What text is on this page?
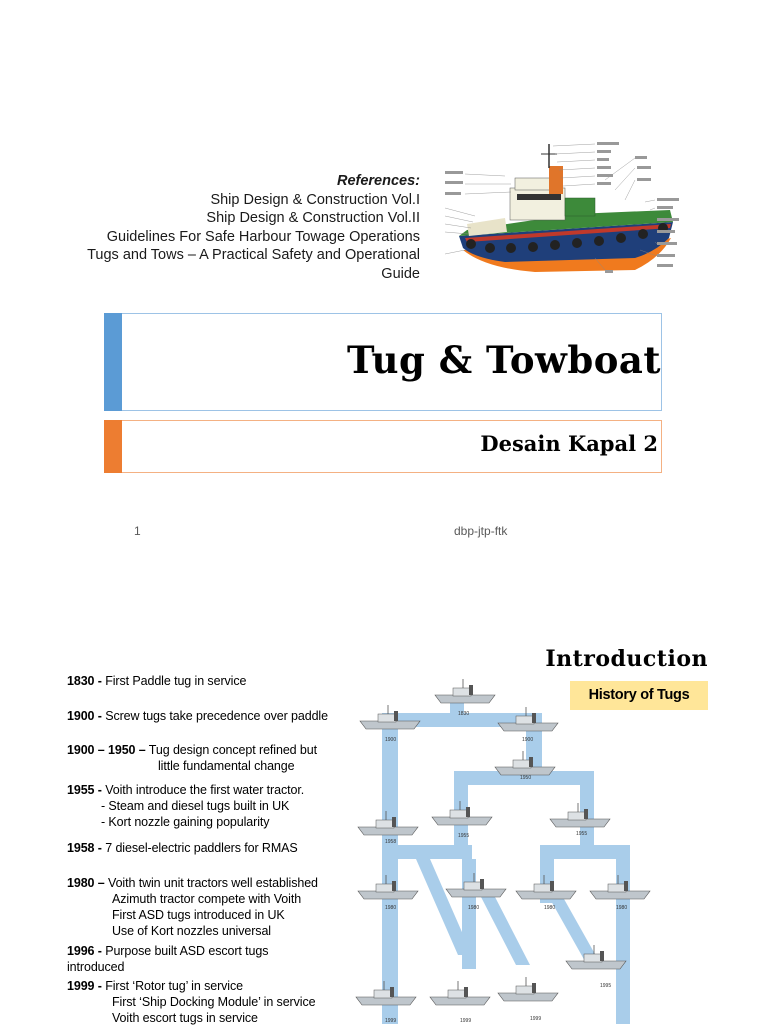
References:
Ship Design & Construction Vol.I
Ship Design & Construction Vol.II
Guidelines For Safe Harbour Towage Operations
Tugs and Tows – A Practical Safety and Operational
Guide
Tug & Towboat
Desain Kapal 2
1	dbp-jtp-ftk
Introduction
History of Tugs
1830 - First Paddle tug in service
1900 - Screw tugs take precedence over paddle
1900 – 1950 – Tug design concept refined but
little fundamental change
1955 - Voith introduce the first water tractor.
- Steam and diesel tugs built in UK
- Kort nozzle gaining popularity
1958 - 7 diesel-electric paddlers for RMAS
1980 – Voith twin unit tractors well established
Azimuth tractor compete with Voith
First ASD tugs introduced in UK
Use of Kort nozzles universal
1996 - Purpose built ASD escort tugs
introduced
1999 - First ‘Rotor tug’ in service
First ‘Ship Docking Module’ in service
Voith escort tugs in service
1830
1900	1900
1950
1958
1955	1955
1980	1980	1980	1980
1995
1999	1999	1999
